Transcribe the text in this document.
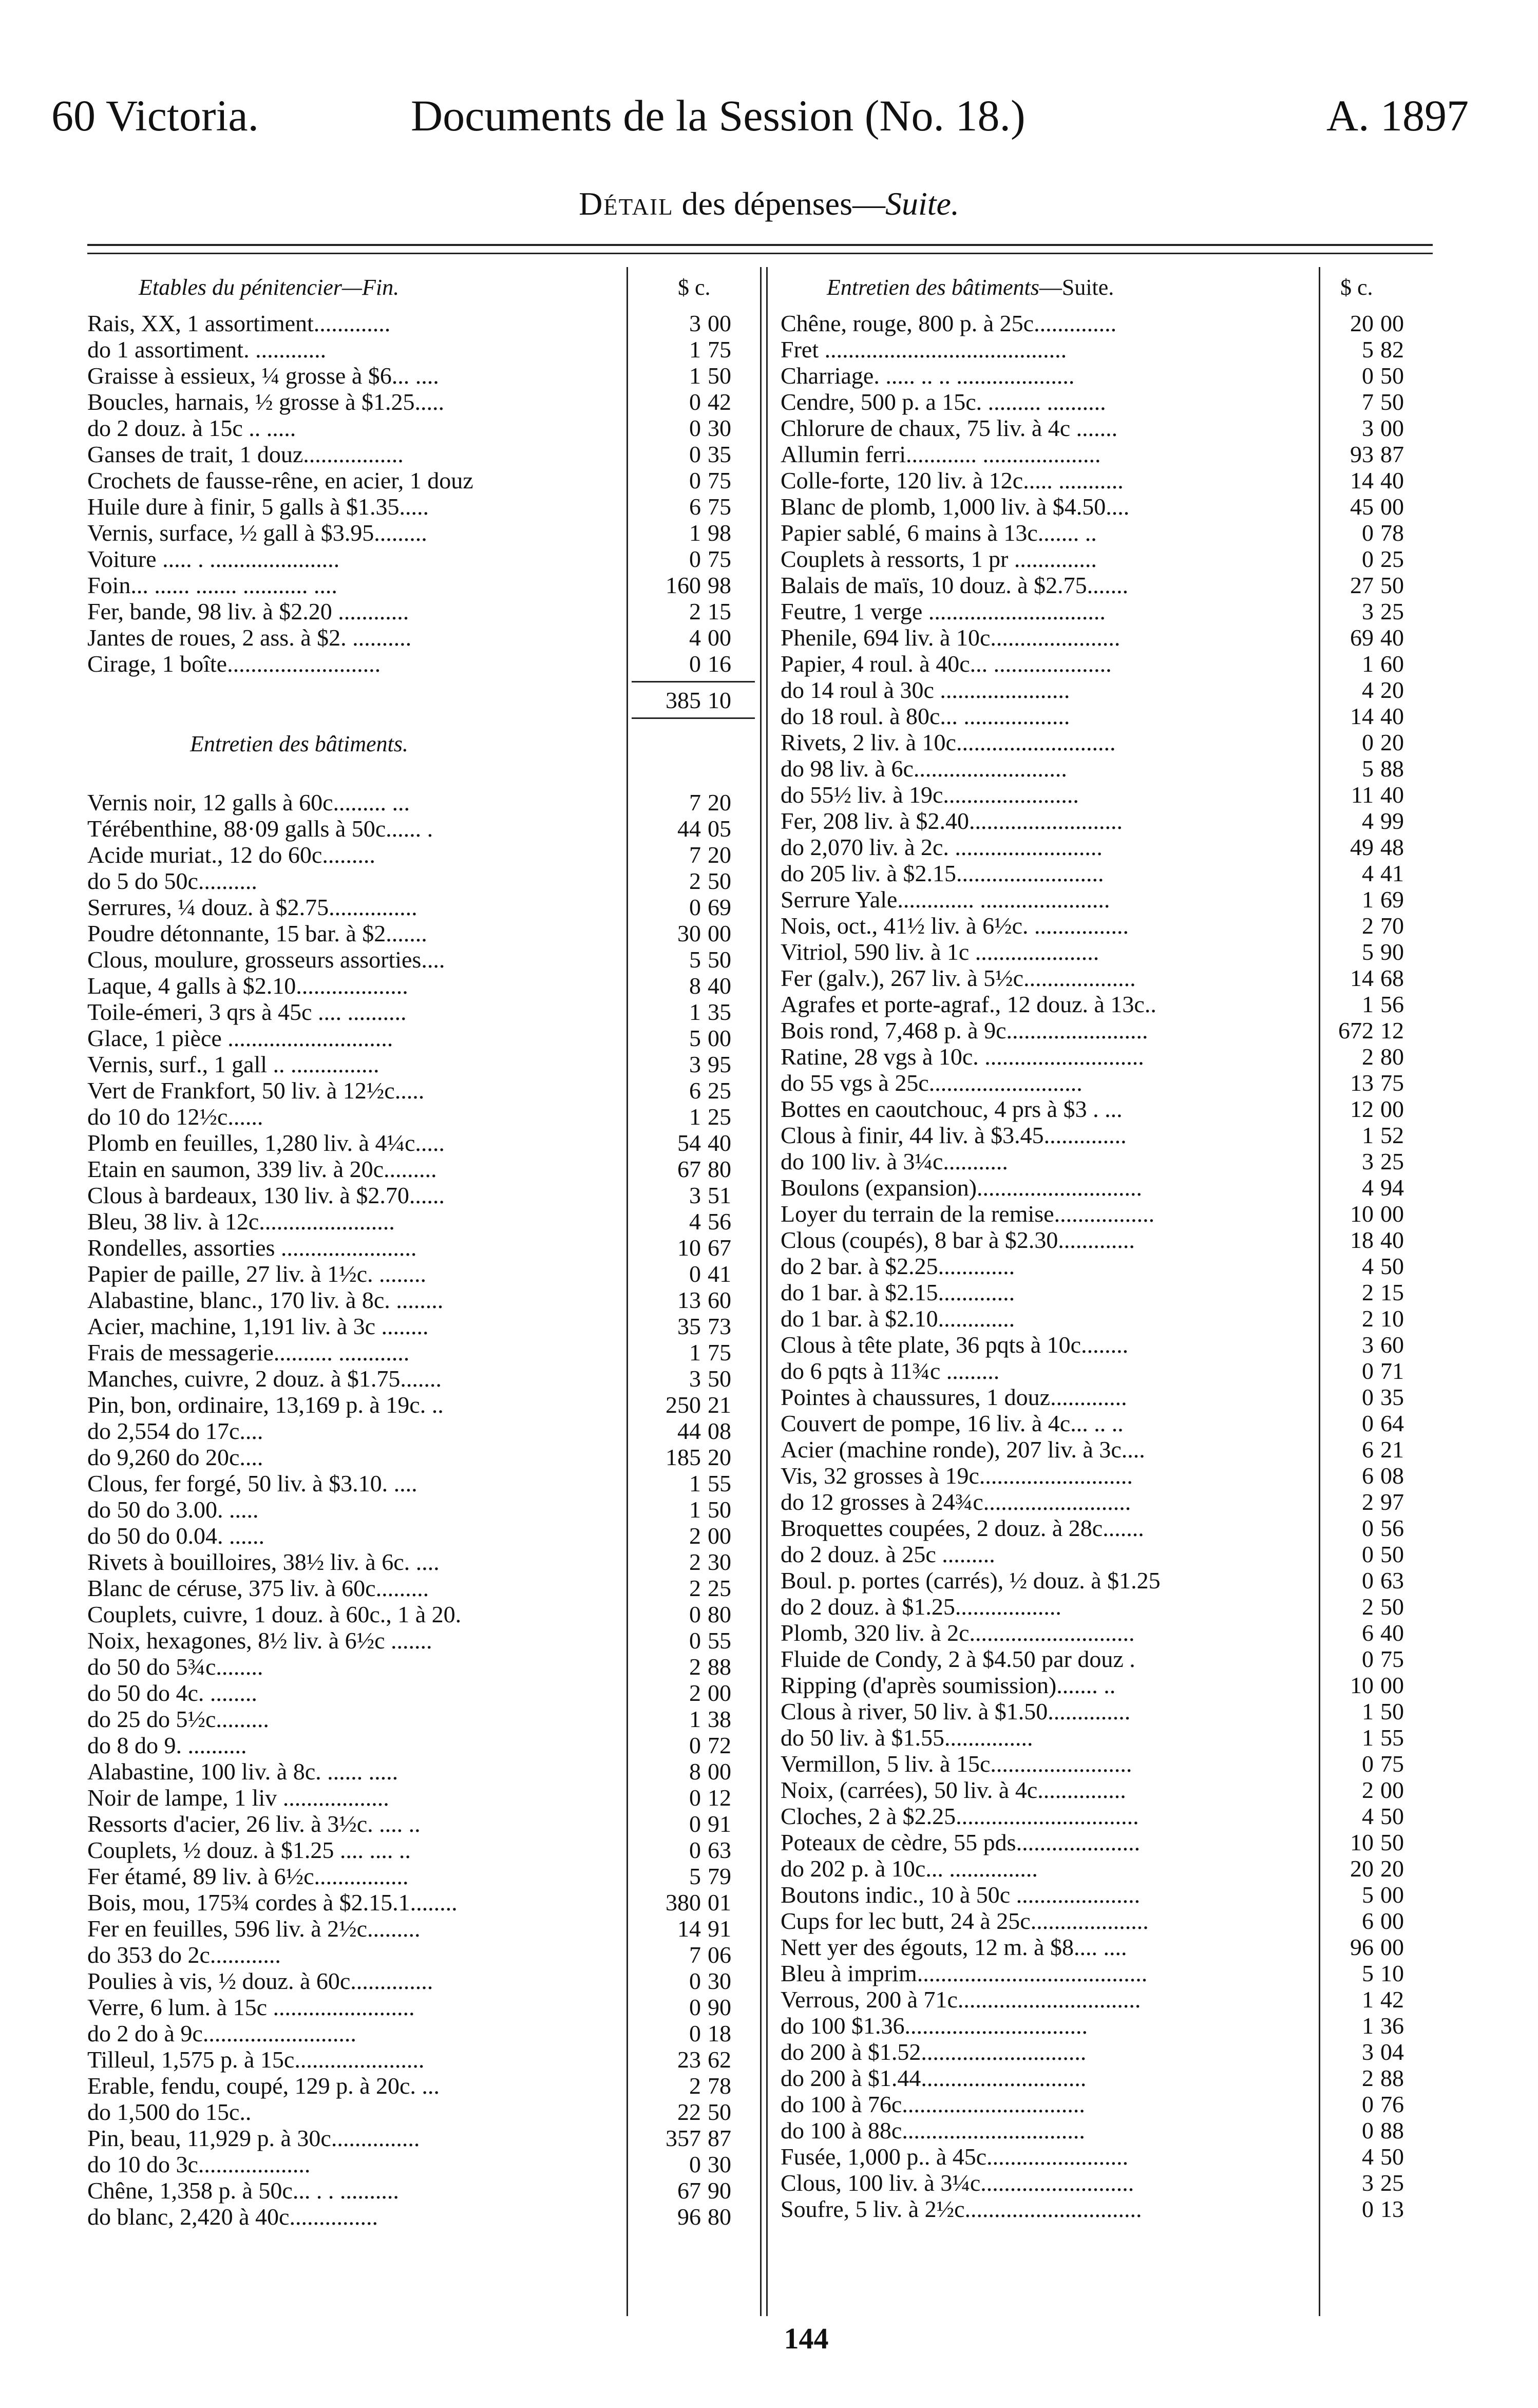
60 Victoria.	Documents de la Session (No. 18.)	A. 1897
Détail des dépenses—Suite.
Etables du pénitencier—Fin.	$ c.
Rais, XX, 1 assortiment.............	3 00
do 1 assortiment. ............	1 75
Graisse à essieux, ¼ grosse à $6... ....	1 50
Boucles, harnais, ½ grosse à $1.25.....	0 42
do 2 douz. à 15c .. .....	0 30
Ganses de trait, 1 douz.................	0 35
Crochets de fausse-rêne, en acier, 1 douz	0 75
Huile dure à finir, 5 galls à $1.35.....	6 75
Vernis, surface, ½ gall à $3.95.........	1 98
Voiture ..... . ......................	0 75
Foin... ...... ....... ........... ....	160 98
Fer, bande, 98 liv. à $2.20 ............	2 15
Jantes de roues, 2 ass. à $2. ..........	4 00
Cirage, 1 boîte..........................	0 16
385 10
Entretien des bâtiments.
Vernis noir, 12 galls à 60c......... ...	7 20
Térébenthine, 88·09 galls à 50c...... .	44 05
Acide muriat., 12 do 60c.........	7 20
do 5 do 50c..........	2 50
Serrures, ¼ douz. à $2.75...............	0 69
Poudre détonnante, 15 bar. à $2.......	30 00
Clous, moulure, grosseurs assorties....	5 50
Laque, 4 galls à $2.10...................	8 40
Toile-émeri, 3 qrs à 45c .... ..........	1 35
Glace, 1 pièce ............................	5 00
Vernis, surf., 1 gall .. ...............	3 95
Vert de Frankfort, 50 liv. à 12½c.....	6 25
do 10 do 12½c......	1 25
Plomb en feuilles, 1,280 liv. à 4¼c.....	54 40
Etain en saumon, 339 liv. à 20c.........	67 80
Clous à bardeaux, 130 liv. à $2.70......	3 51
Bleu, 38 liv. à 12c.......................	4 56
Rondelles, assorties .......................	10 67
Papier de paille, 27 liv. à 1½c. ........	0 41
Alabastine, blanc., 170 liv. à 8c. ........	13 60
Acier, machine, 1,191 liv. à 3c ........	35 73
Frais de messagerie.......... ............	1 75
Manches, cuivre, 2 douz. à $1.75.......	3 50
Pin, bon, ordinaire, 13,169 p. à 19c. ..	250 21
do 2,554 do 17c....	44 08
do 9,260 do 20c....	185 20
Clous, fer forgé, 50 liv. à $3.10. ....	1 55
do 50 do 3.00. .....	1 50
do 50 do 0.04. ......	2 00
Rivets à bouilloires, 38½ liv. à 6c. ....	2 30
Blanc de céruse, 375 liv. à 60c.........	2 25
Couplets, cuivre, 1 douz. à 60c., 1 à 20.	0 80
Noix, hexagones, 8½ liv. à 6½c .......	0 55
do 50 do 5¾c........	2 88
do 50 do 4c. ........	2 00
do 25 do 5½c.........	1 38
do 8 do 9. ..........	0 72
Alabastine, 100 liv. à 8c. ...... .....	8 00
Noir de lampe, 1 liv ..................	0 12
Ressorts d'acier, 26 liv. à 3½c. .... ..	0 91
Couplets, ½ douz. à $1.25 .... .... ..	0 63
Fer étamé, 89 liv. à 6½c................	5 79
Bois, mou, 175¾ cordes à $2.15.1........	380 01
Fer en feuilles, 596 liv. à 2½c.........	14 91
do 353 do 2c............	7 06
Poulies à vis, ½ douz. à 60c..............	0 30
Verre, 6 lum. à 15c ........................	0 90
do 2 do à 9c..........................	0 18
Tilleul, 1,575 p. à 15c......................	23 62
Erable, fendu, coupé, 129 p. à 20c. ...	2 78
do 1,500 do 15c..	22 50
Pin, beau, 11,929 p. à 30c...............	357 87
do 10 do 3c...................	0 30
Chêne, 1,358 p. à 50c... . . ..........	67 90
do blanc, 2,420 à 40c...............	96 80
Entretien des bâtiments—Suite.	$ c.
Chêne, rouge, 800 p. à 25c..............	20 00
Fret .........................................	5 82
Charriage. ..... .. .. ....................	0 50
Cendre, 500 p. a 15c. ......... ..........	7 50
Chlorure de chaux, 75 liv. à 4c .......	3 00
Allumin ferri............ ....................	93 87
Colle-forte, 120 liv. à 12c..... ...........	14 40
Blanc de plomb, 1,000 liv. à $4.50....	45 00
Papier sablé, 6 mains à 13c....... ..	0 78
Couplets à ressorts, 1 pr ..............	0 25
Balais de maïs, 10 douz. à $2.75.......	27 50
Feutre, 1 verge ..............................	3 25
Phenile, 694 liv. à 10c......................	69 40
Papier, 4 roul. à 40c... ....................	1 60
do 14 roul à 30c ......................	4 20
do 18 roul. à 80c... ..................	14 40
Rivets, 2 liv. à 10c...........................	0 20
do 98 liv. à 6c..........................	5 88
do 55½ liv. à 19c.......................	11 40
Fer, 208 liv. à $2.40..........................	4 99
do 2,070 liv. à 2c. .........................	49 48
do 205 liv. à $2.15.........................	4 41
Serrure Yale............. ......................	1 69
Nois, oct., 41½ liv. à 6½c. ................	2 70
Vitriol, 590 liv. à 1c .....................	5 90
Fer (galv.), 267 liv. à 5½c...................	14 68
Agrafes et porte-agraf., 12 douz. à 13c..	1 56
Bois rond, 7,468 p. à 9c........................	672 12
Ratine, 28 vgs à 10c. ...........................	2 80
do 55 vgs à 25c..........................	13 75
Bottes en caoutchouc, 4 prs à $3 . ...	12 00
Clous à finir, 44 liv. à $3.45..............	1 52
do 100 liv. à 3¼c...........	3 25
Boulons (expansion)............................	4 94
Loyer du terrain de la remise.................	10 00
Clous (coupés), 8 bar à $2.30.............	18 40
do 2 bar. à $2.25.............	4 50
do 1 bar. à $2.15.............	2 15
do 1 bar. à $2.10.............	2 10
Clous à tête plate, 36 pqts à 10c........	3 60
do 6 pqts à 11¾c .........	0 71
Pointes à chaussures, 1 douz.............	0 35
Couvert de pompe, 16 liv. à 4c... .. ..	0 64
Acier (machine ronde), 207 liv. à 3c....	6 21
Vis, 32 grosses à 19c..........................	6 08
do 12 grosses à 24¾c.........................	2 97
Broquettes coupées, 2 douz. à 28c.......	0 56
do 2 douz. à 25c .........	0 50
Boul. p. portes (carrés), ½ douz. à $1.25	0 63
do 2 douz. à $1.25..................	2 50
Plomb, 320 liv. à 2c............................	6 40
Fluide de Condy, 2 à $4.50 par douz .	0 75
Ripping (d'après soumission)....... ..	10 00
Clous à river, 50 liv. à $1.50..............	1 50
do 50 liv. à $1.55...............	1 55
Vermillon, 5 liv. à 15c........................	0 75
Noix, (carrées), 50 liv. à 4c...............	2 00
Cloches, 2 à $2.25...............................	4 50
Poteaux de cèdre, 55 pds.....................	10 50
do 202 p. à 10c... ...............	20 20
Boutons indic., 10 à 50c .....................	5 00
Cups for lec butt, 24 à 25c....................	6 00
Nett yer des égouts, 12 m. à $8.... ....	96 00
Bleu à imprim.......................................	5 10
Verrous, 200 à 71c...............................	1 42
do 100 $1.36...............................	1 36
do 200 à $1.52............................	3 04
do 200 à $1.44............................	2 88
do 100 à 76c...............................	0 76
do 100 à 88c...............................	0 88
Fusée, 1,000 p.. à 45c........................	4 50
Clous, 100 liv. à 3¼c..........................	3 25
Soufre, 5 liv. à 2½c..............................	0 13
144
